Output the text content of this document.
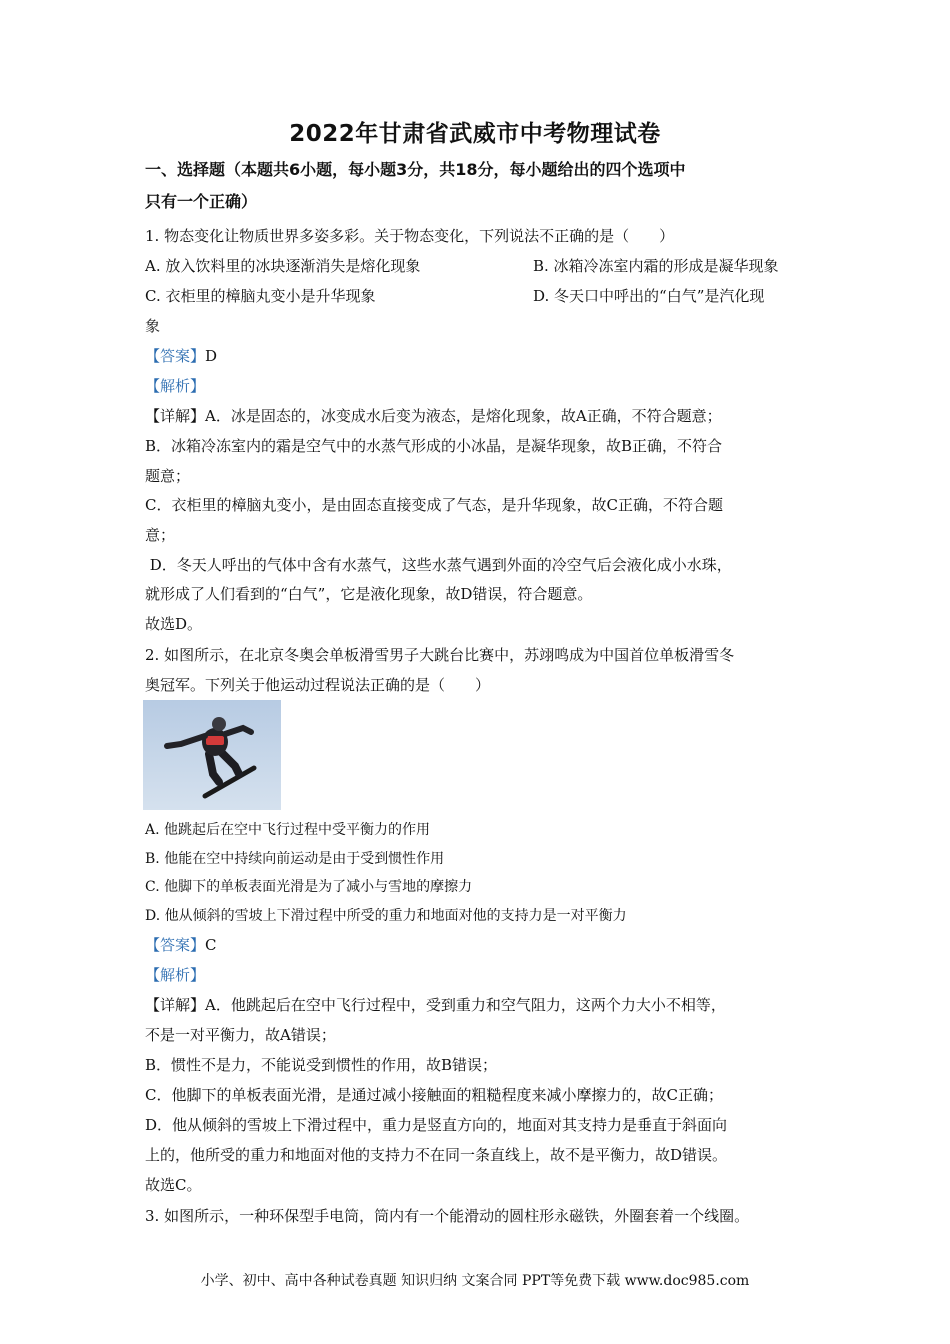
2022年甘肃省武威市中考物理试卷
一、选择题（本题共6小题，每小题3分，共18分，每小题给出的四个选项中
只有一个正确）
1. 物态变化让物质世界多姿多彩。关于物态变化，下列说法不正确的是（　　）
A. 放入饮料里的冰块逐渐消失是熔化现象	B. 冰箱冷冻室内霜的形成是凝华现象
C. 衣柜里的樟脑丸变小是升华现象	D. 冬天口中呼出的“白气”是汽化现
象
【答案】D
【解析】
【详解】A．冰是固态的，冰变成水后变为液态，是熔化现象，故A正确，不符合题意；
B．冰箱冷冻室内的霜是空气中的水蒸气形成的小冰晶，是凝华现象，故B正确，不符合
题意；
C．衣柜里的樟脑丸变小，是由固态直接变成了气态，是升华现象，故C正确，不符合题
意；
D．冬天人呼出的气体中含有水蒸气，这些水蒸气遇到外面的冷空气后会液化成小水珠，
就形成了人们看到的“白气”，它是液化现象，故D错误，符合题意。
故选D。
2. 如图所示，在北京冬奥会单板滑雪男子大跳台比赛中，苏翊鸣成为中国首位单板滑雪冬
奥冠军。下列关于他运动过程说法正确的是（　　）
A. 他跳起后在空中飞行过程中受平衡力的作用
B. 他能在空中持续向前运动是由于受到惯性作用
C. 他脚下的单板表面光滑是为了减小与雪地的摩擦力
D. 他从倾斜的雪坡上下滑过程中所受的重力和地面对他的支持力是一对平衡力
【答案】C
【解析】
【详解】A．他跳起后在空中飞行过程中，受到重力和空气阻力，这两个力大小不相等，
不是一对平衡力，故A错误；
B．惯性不是力，不能说受到惯性的作用，故B错误；
C．他脚下的单板表面光滑，是通过减小接触面的粗糙程度来减小摩擦力的，故C正确；
D．他从倾斜的雪坡上下滑过程中，重力是竖直方向的，地面对其支持力是垂直于斜面向
上的，他所受的重力和地面对他的支持力不在同一条直线上，故不是平衡力，故D错误。
故选C。
3. 如图所示，一种环保型手电筒，筒内有一个能滑动的圆柱形永磁铁，外圈套着一个线圈。
小学、初中、高中各种试卷真题 知识归纳 文案合同 PPT等免费下载 www.doc985.com
